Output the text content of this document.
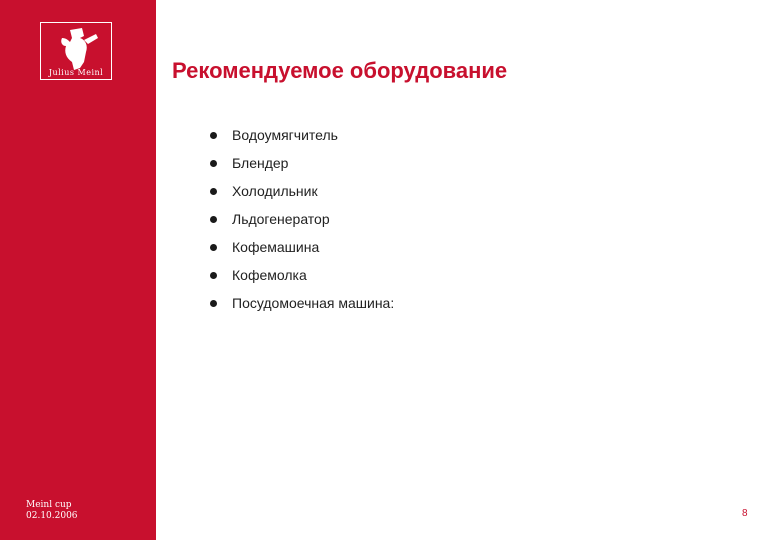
Julius Meinl
Meinl cup
02.10.2006
Рекомендуемое оборудование
Водоумягчитель
Блендер
Холодильник
Льдогенератор
Кофемашина
Кофемолка
Посудомоечная машина:
8
